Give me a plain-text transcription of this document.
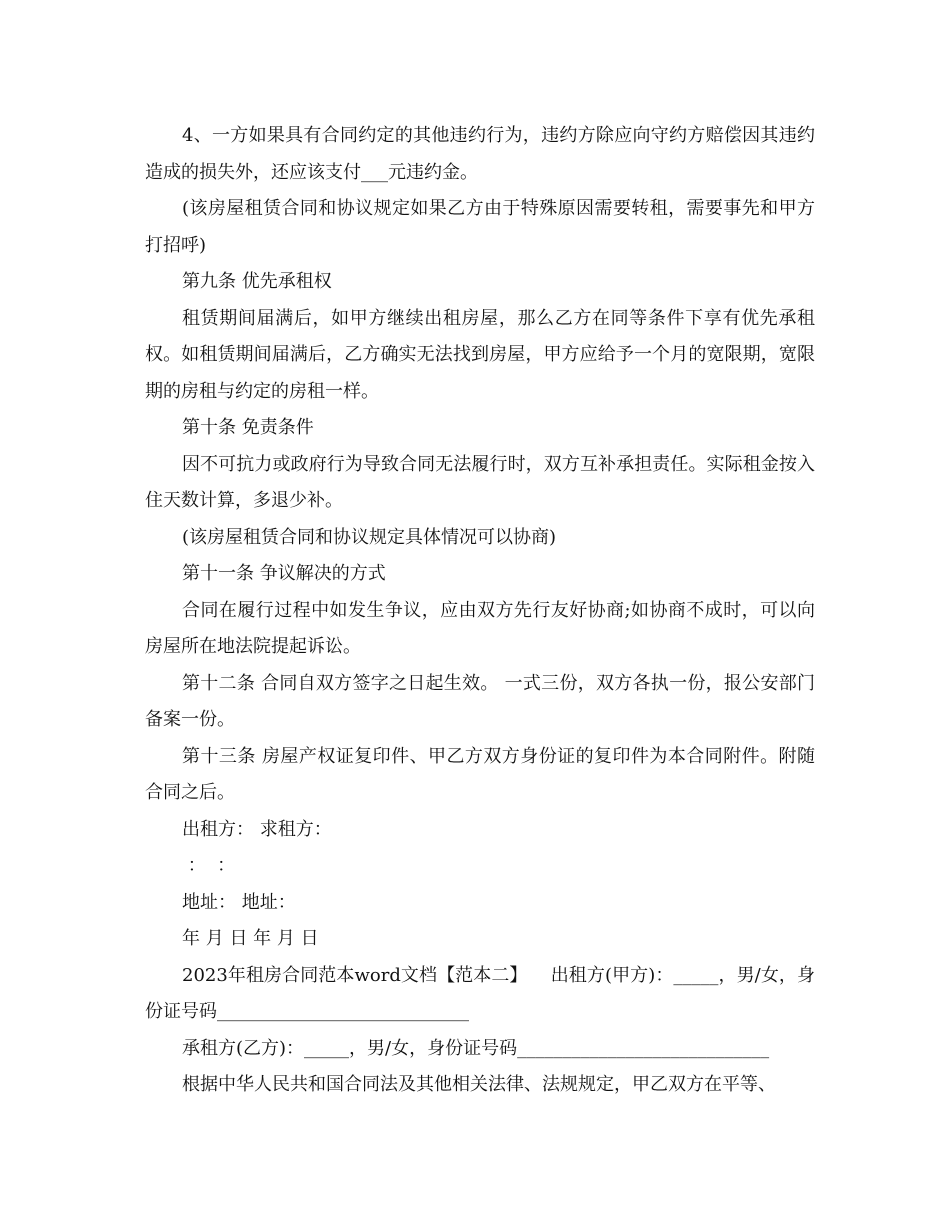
4、一方如果具有合同约定的其他违约行为，违约方除应向守约方赔偿因其违约造成的损失外，还应该支付___元违约金。

(该房屋租赁合同和协议规定如果乙方由于特殊原因需要转租，需要事先和甲方打招呼)

第九条 优先承租权

租赁期间届满后，如甲方继续出租房屋，那么乙方在同等条件下享有优先承租权。如租赁期间届满后，乙方确实无法找到房屋，甲方应给予一个月的宽限期，宽限期的房租与约定的房租一样。

第十条 免责条件

因不可抗力或政府行为导致合同无法履行时，双方互补承担责任。实际租金按入住天数计算，多退少补。

(该房屋租赁合同和协议规定具体情况可以协商)

第十一条 争议解决的方式

合同在履行过程中如发生争议，应由双方先行友好协商;如协商不成时，可以向房屋所在地法院提起诉讼。

第十二条 合同自双方签字之日起生效。 一式三份，双方各执一份，报公安部门备案一份。

第十三条 房屋产权证复印件、甲乙方双方身份证的复印件为本合同附件。附随合同之后。

出租方： 求租方：

：  ：

地址： 地址：

年 月 日 年 月 日

2023年租房合同范本word文档【范本二】    出租方(甲方)：_____，男/女，身份证号码____________________________

承租方(乙方)：_____，男/女，身份证号码____________________________

根据中华人民共和国合同法及其他相关法律、法规规定，甲乙双方在平等、
